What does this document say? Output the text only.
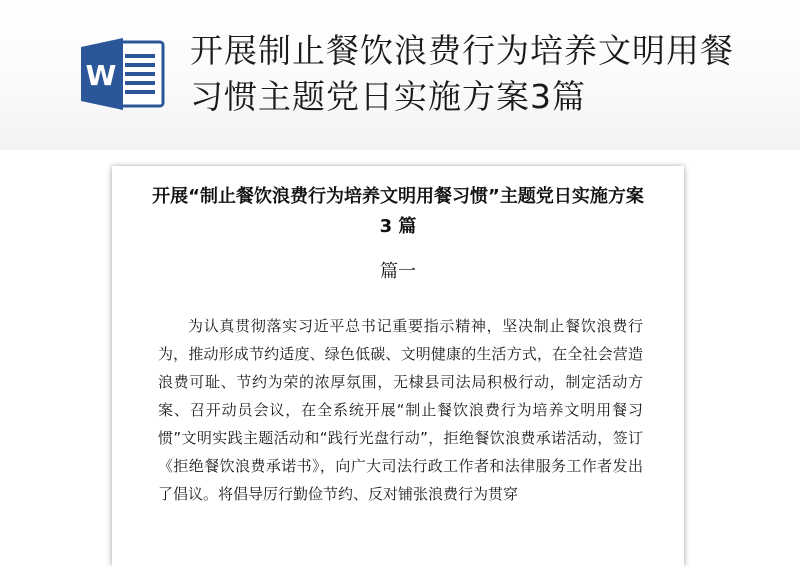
W
开展制止餐饮浪费行为培养文明用餐习惯主题党日实施方案3篇
开展“制止餐饮浪费行为培养文明用餐习惯”主题党日实施方案 3 篇
篇一

为认真贯彻落实习近平总书记重要指示精神，坚决制止餐饮浪费行为，推动形成节约适度、绿色低碳、文明健康的生活方式，在全社会营造浪费可耻、节约为荣的浓厚氛围，无棣县司法局积极行动，制定活动方案、召开动员会议，在全系统开展“制止餐饮浪费行为培养文明用餐习惯”文明实践主题活动和“践行光盘行动”，拒绝餐饮浪费承诺活动，签订《拒绝餐饮浪费承诺书》，向广大司法行政工作者和法律服务工作者发出了倡议。将倡导厉行勤俭节约、反对铺张浪费行为贯穿
